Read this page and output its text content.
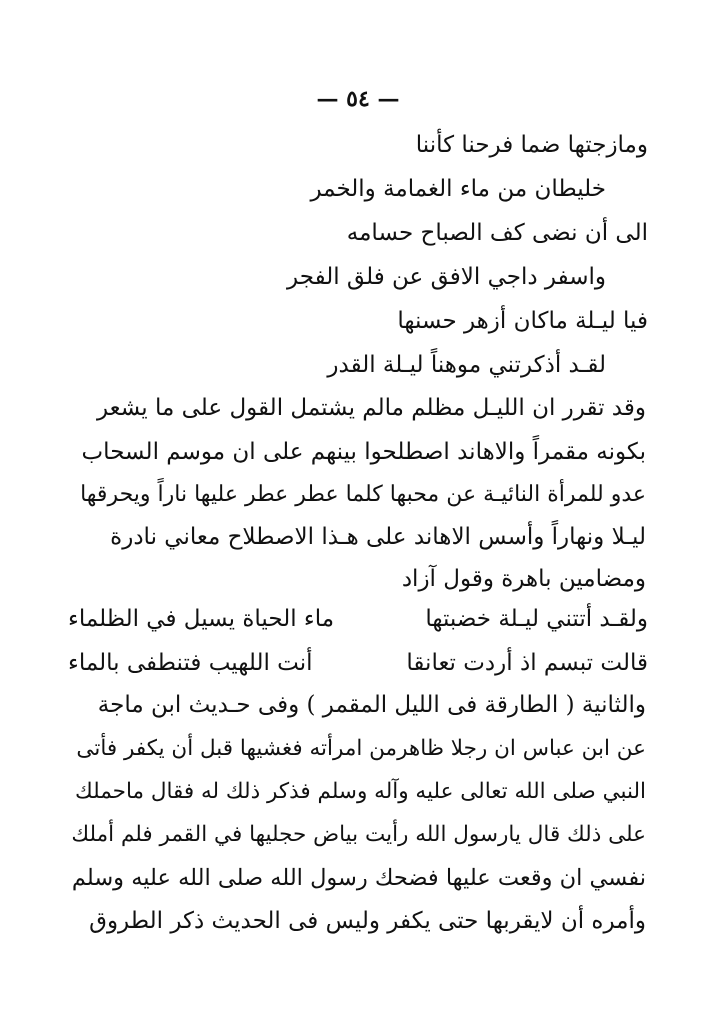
— ٥٤ —
ومازجتها ضما فرحنا كأننا
خليطان من ماء الغمامة والخمر
الى أن نضى كف الصباح حسامه
واسفر داجي الافق عن فلق الفجر
فيا ليـلة ماكان أزهر حسنها
لقـد أذكرتني موهناً ليـلة القدر
وقد تقرر ان الليـل مظلم مالم يشتمل القول على ما يشعر
بكونه مقمراً والاهاند اصطلحوا بينهم على ان موسم السحاب
عدو للمرأة النائيـة عن محبها كلما عطر عطر عليها ناراً ويحرقها
ليـلا ونهاراً وأسس الاهاند على هـذا الاصطلاح معاني نادرة
ومضامين باهرة وقول آزاد
ولقـد أتتني ليـلة خضبتها
ماء الحياة يسيل في الظلماء
قالت تبسم اذ أردت تعانقا
أنت اللهيب فتنطفى بالماء
والثانية ( الطارقة فى الليل المقمر ) وفى حـديث ابن ماجة
عن ابن عباس ان رجلا ظاهرمن امرأته فغشيها قبل أن يكفر فأتى
النبي صلى الله تعالى عليه وآله وسلم فذكر ذلك له فقال ماحملك
على ذلك قال يارسول الله رأيت بياض حجليها في القمر فلم أملك
نفسي ان وقعت عليها فضحك رسول الله صلى الله عليه وسلم
وأمره أن لايقربها حتى يكفر وليس فى الحديث ذكر الطروق
